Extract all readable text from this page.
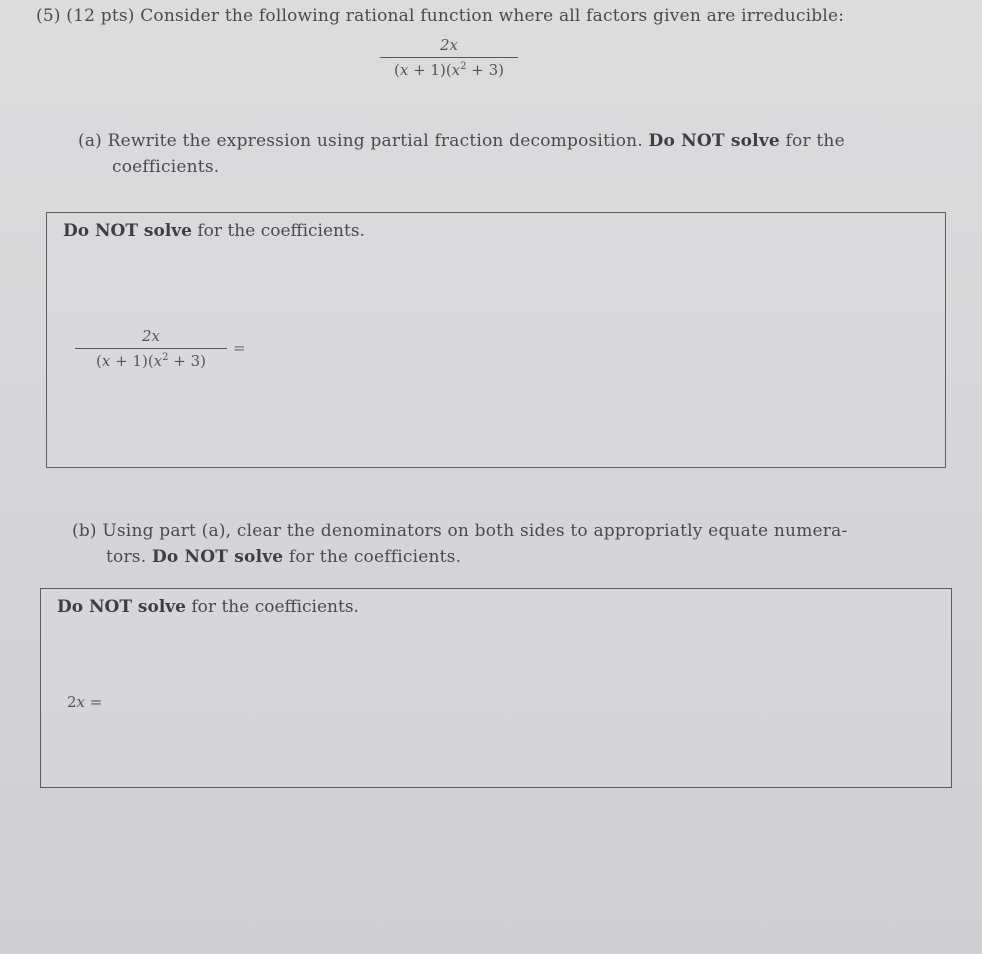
(5) (12 pts) Consider the following rational function where all factors given are irreducible:
2x
$(x + 1)(x^2 + 3)$
(a) Rewrite the expression using partial fraction decomposition. Do NOT solve for the
coefficients.
Do NOT solve for the coefficients.
2x
$(x + 1)(x^2 + 3)$
=
(b) Using part (a), clear the denominators on both sides to appropriatly equate numera-
tors. Do NOT solve for the coefficients.
Do NOT solve for the coefficients.
2x =
